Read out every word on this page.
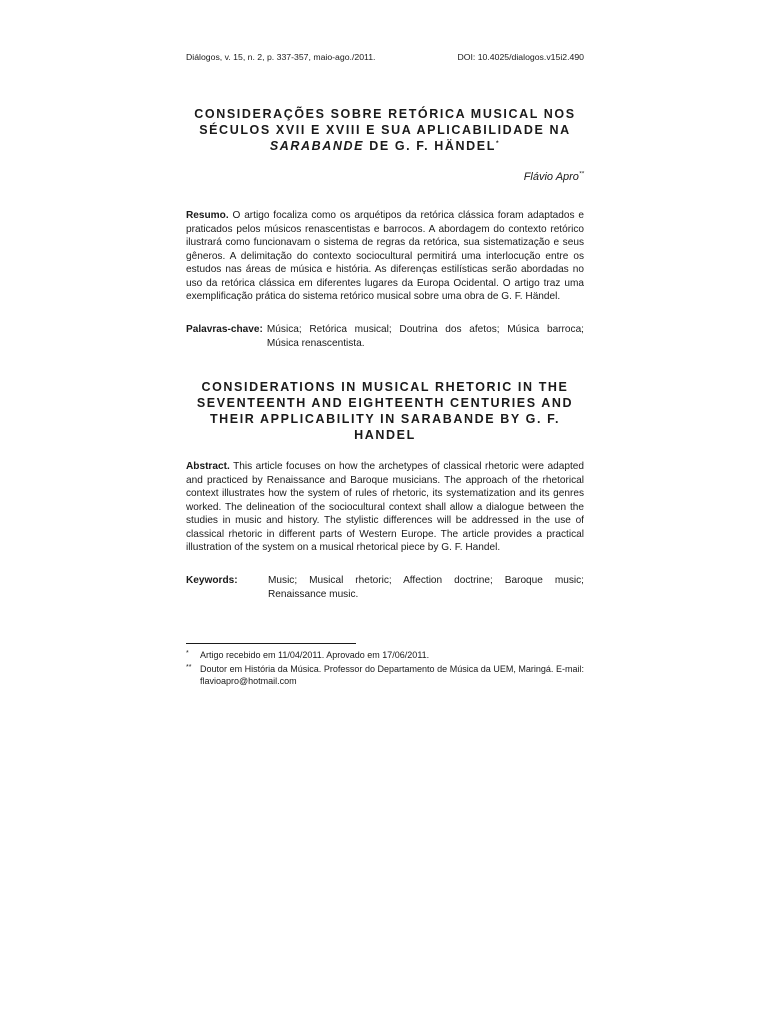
Diálogos, v. 15, n. 2, p. 337-357, maio-ago./2011.	DOI: 10.4025/dialogos.v15i2.490
CONSIDERAÇÕES SOBRE RETÓRICA MUSICAL NOS
SÉCULOS XVII E XVIII E SUA APLICABILIDADE NA
SARABANDE DE G. F. HÄNDEL*
Flávio Apro**

Resumo. O artigo focaliza como os arquétipos da retórica clássica foram adaptados e praticados pelos músicos renascentistas e barrocos. A abordagem do contexto retórico ilustrará como funcionavam o sistema de regras da retórica, sua sistematização e seus gêneros. A delimitação do contexto sociocultural permitirá uma interlocução entre os estudos nas áreas de música e história. As diferenças estilísticas serão abordadas no uso da retórica clássica em diferentes lugares da Europa Ocidental. O artigo traz uma exemplificação prática do sistema retórico musical sobre uma obra de G. F. Händel.

Palavras-chave: Música; Retórica musical; Doutrina dos afetos; Música barroca; Música renascentista.
CONSIDERATIONS IN MUSICAL RHETORIC IN THE
SEVENTEENTH AND EIGHTEENTH CENTURIES AND
THEIR APPLICABILITY IN SARABANDE BY G. F.
HANDEL

Abstract. This article focuses on how the archetypes of classical rhetoric were adapted and practiced by Renaissance and Baroque musicians. The approach of the rhetorical context illustrates how the system of rules of rhetoric, its systematization and its genres worked. The delineation of the sociocultural context shall allow a dialogue between the studies in music and history. The stylistic differences will be addressed in the use of classical rhetoric in different parts of Western Europe. The article provides a practical illustration of the system on a musical rhetorical piece by G. F. Handel.

Keywords:	Music; Musical rhetoric; Affection doctrine; Baroque music; Renaissance music.
*	Artigo recebido em 11/04/2011. Aprovado em 17/06/2011.
** Doutor em História da Música. Professor do Departamento de Música da UEM, Maringá. E-mail: flavioapro@hotmail.com
